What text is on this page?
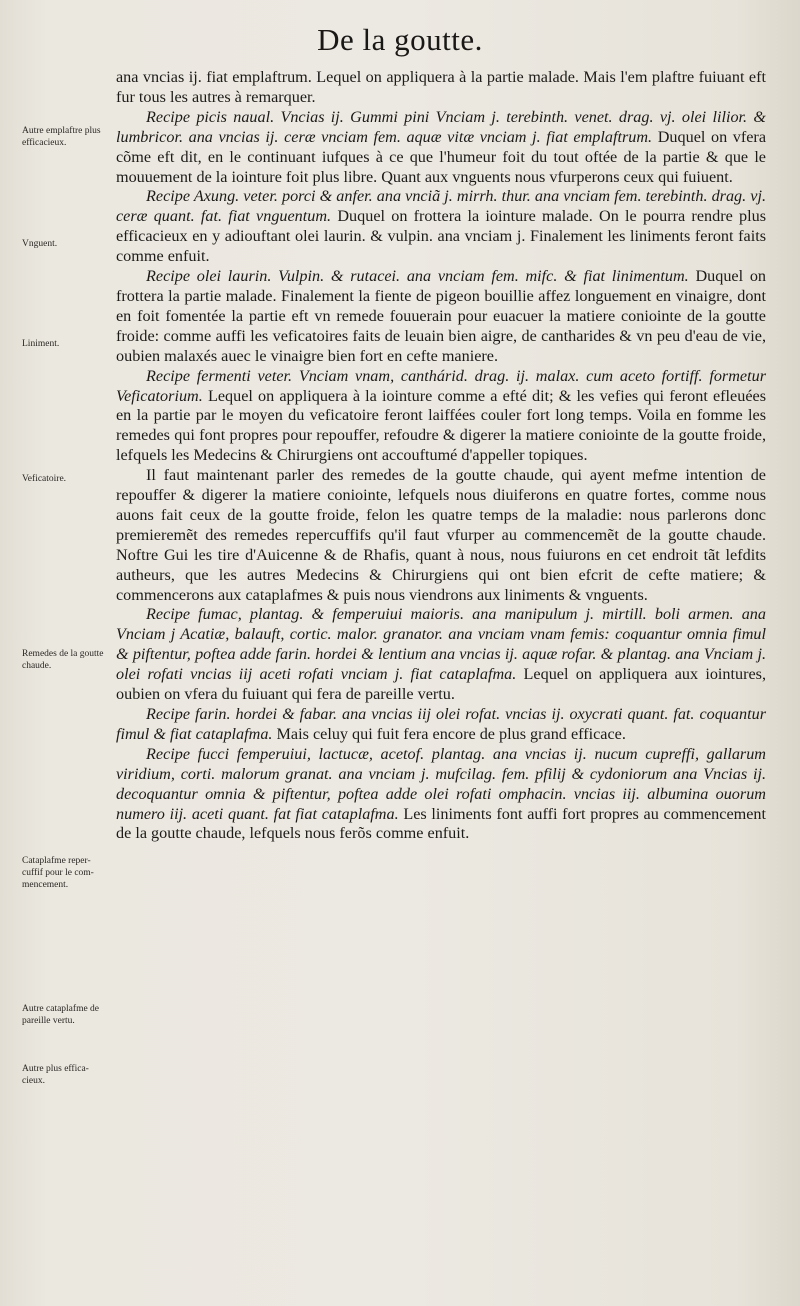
De la goutte.
Autre emplaftre plus efficacieux.
Vnguent.
Liniment.
Veficatoire.
Remedes de la goutte chaude.
Cataplafme reper-cuffif pour le com-mencement.
Autre cataplafme de pareille vertu.
Autre plus effica-cieux.

ana vncias ij. fiat emplaftrum. Lequel on appliquera à la partie malade. Mais l'em plaftre fuiuant eft fur tous les autres à remarquer.

Recipe picis naual. Vncias ij. Gummi pini Vnciam j. terebinth. venet. drag. vj. olei lilior. & lumbricor. ana vncias ij. ceræ vnciam fem. aquæ vitæ vnciam j. fiat emplaftrum. Duquel on vfera cõme eft dit, en le continuant iufques à ce que l'humeur foit du tout oftée de la partie & que le mouuement de la iointure foit plus libre. Quant aux vnguents nous vfurperons ceux qui fuiuent.

Recipe Axung. veter. porci & anfer. ana vnciã j. mirrh. thur. ana vnciam fem. terebinth. drag. vj. ceræ quant. fat. fiat vnguentum. Duquel on frottera la iointure malade. On le pourra rendre plus efficacieux en y adiouftant olei laurin. & vulpin. ana vnciam j. Finalement les liniments feront faits comme enfuit.

Recipe olei laurin. Vulpin. & rutacei. ana vnciam fem. mifc. & fiat linimentum. Duquel on frottera la partie malade. Finalement la fiente de pigeon bouillie affez longuement en vinaigre, dont en foit fomentée la partie eft vn remede fouuerain pour euacuer la matiere coniointe de la goutte froide: comme auffi les veficatoires faits de leuain bien aigre, de cantharides & vn peu d'eau de vie, oubien malaxés auec le vinaigre bien fort en cefte maniere.

Recipe fermenti veter. Vnciam vnam, canthárid. drag. ij. malax. cum aceto fortiff. formetur Veficatorium. Lequel on appliquera à la iointure comme a efté dit; & les vefies qui feront efleuées en la partie par le moyen du veficatoire feront laiffées couler fort long temps. Voila en fomme les remedes qui font propres pour repouffer, refoudre & digerer la matiere coniointe de la goutte froide, lefquels les Medecins & Chirurgiens ont accouftumé d'appeller topiques.

Il faut maintenant parler des remedes de la goutte chaude, qui ayent mefme intention de repouffer & digerer la matiere coniointe, lefquels nous diuiferons en quatre fortes, comme nous auons fait ceux de la goutte froide, felon les quatre temps de la maladie: nous parlerons donc premieremẽt des remedes repercuffifs qu'il faut vfurper au commencemẽt de la goutte chaude. Noftre Gui les tire d'Auicenne & de Rhafis, quant à nous, nous fuiurons en cet endroit tãt lefdits autheurs, que les autres Medecins & Chirurgiens qui ont bien efcrit de cefte matiere; & commencerons aux cataplafmes & puis nous viendrons aux liniments & vnguents.

Recipe fumac, plantag. & femperuiui maioris. ana manipulum j. mirtill. boli armen. ana Vnciam j Acatiæ, balauft, cortic. malor. granator. ana vnciam vnam femis: coquantur omnia fimul & piftentur, poftea adde farin. hordei & lentium ana vncias ij. aquæ rofar. & plantag. ana Vnciam j. olei rofati vncias iij aceti rofati vnciam j. fiat cataplafma. Lequel on appliquera aux iointures, oubien on vfera du fuiuant qui fera de pareille vertu.

Recipe farin. hordei & fabar. ana vncias iij olei rofat. vncias ij. oxycrati quant. fat. coquantur fimul & fiat cataplafma. Mais celuy qui fuit fera encore de plus grand efficace.

Recipe fucci femperuiui, lactucæ, acetof. plantag. ana vncias ij. nucum cupreffi, gallarum viridium, corti. malorum granat. ana vnciam j. mufcilag. fem. pfilij & cydoniorum ana Vncias ij. decoquantur omnia & piftentur, poftea adde olei rofati omphacin. vncias iij. albumina ouorum numero iij. aceti quant. fat fiat cataplafma. Les liniments font auffi fort propres au commencement de la goutte chaude, lefquels nous ferõs comme enfuit.
